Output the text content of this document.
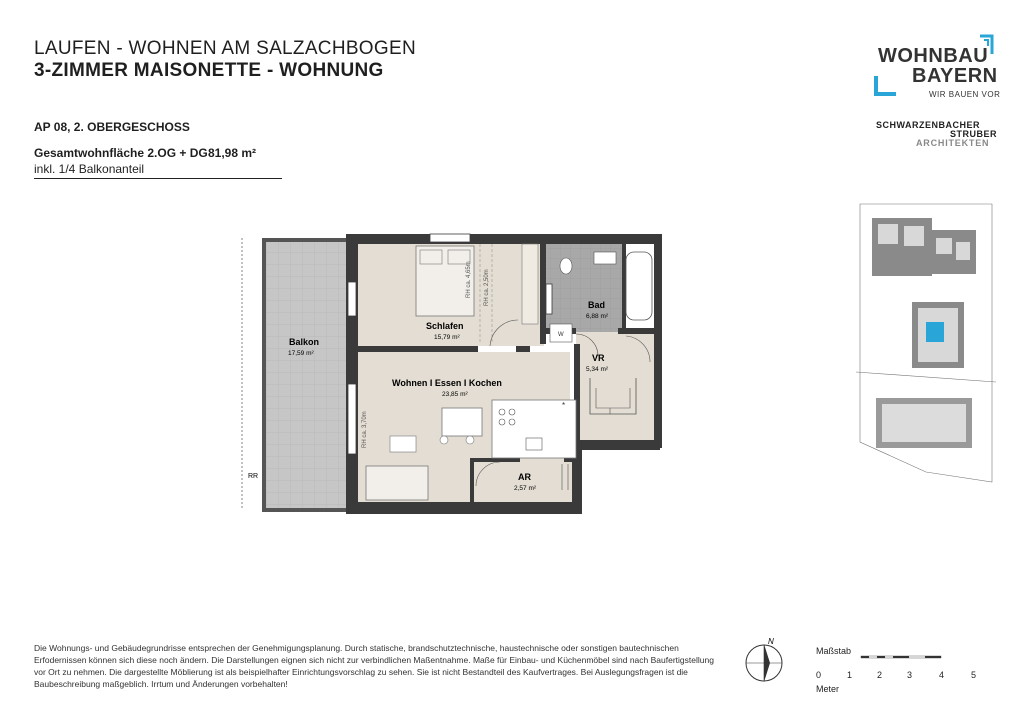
LAUFEN - WOHNEN AM SALZACHBOGEN
3-ZIMMER MAISONETTE - WOHNUNG
AP 08, 2. OBERGESCHOSS
Gesamtwohnfläche 2.OG + DG 81,98 m²
inkl. 1/4 Balkonanteil
WOHNBAU
BAYERN
WIR BAUEN VOR
SCHWARZENBACHER
STRUBER
ARCHITEKTEN
RH ca. 4,65m RH ca. 2,50m
W
*
RH ca. 3,70m
Balkon
17,59 m²
Schlafen
15,79 m²
Bad
6,88 m²
VR
5,34 m²
Wohnen I Essen I Kochen
23,85 m²
AR
2,57 m²
RR
Die Wohnungs- und Gebäudegrundrisse entsprechen der Genehmigungsplanung. Durch statische, brandschutztechnische, haustechnische oder sonstigen bautechnischen Erfodernissen können sich diese noch ändern. Die Darstellungen eignen sich nicht zur verbindlichen Maßentnahme. Maße für Einbau- und Küchenmöbel sind nach Baufertigstellung vor Ort zu nehmen. Die dargestellte Möblierung ist als beispielhafter Einrichtungsvorschlag zu sehen. Sie ist nicht Bestandteil des Kaufvertrages. Bei Auslegungsfragen ist die Baubeschreibung maßgeblich. Irrtum und Änderungen vorbehalten!
N
Maßstab
0	1	2	3	4	5
Meter
